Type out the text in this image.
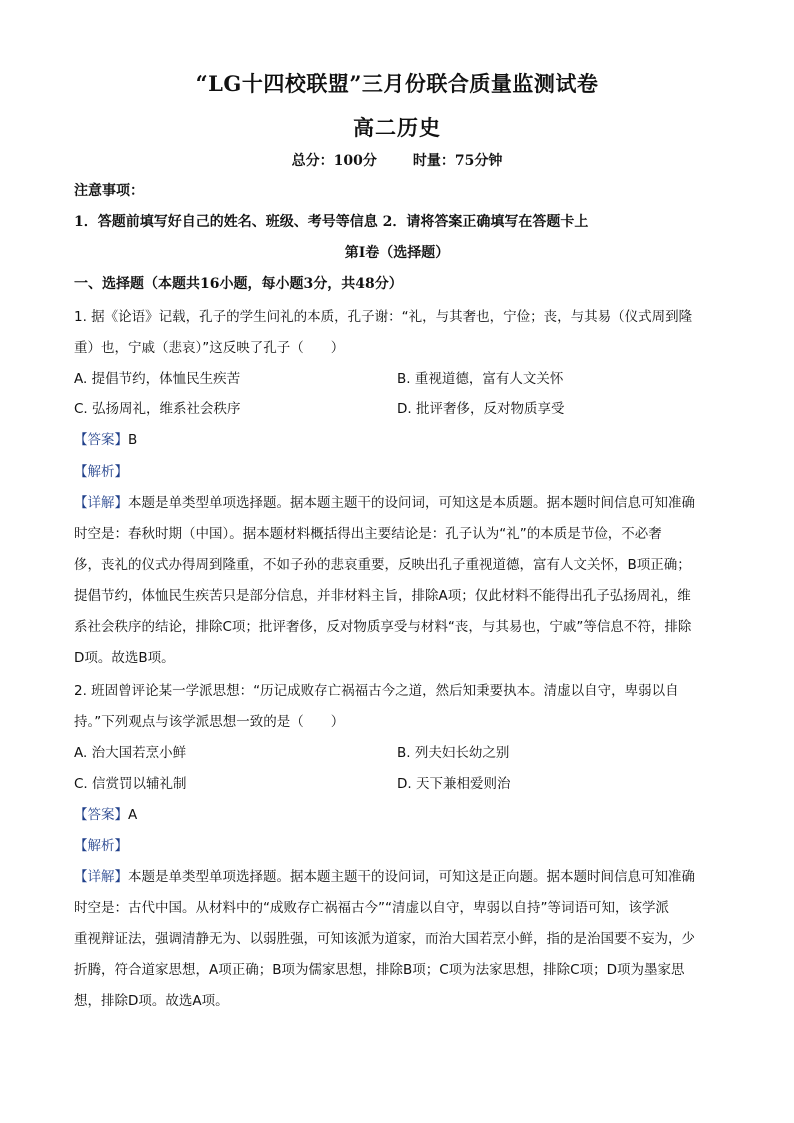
“LG十四校联盟”三月份联合质量监测试卷
高二历史
总分：100分	时量：75分钟
注意事项：
1．答题前填写好自己的姓名、班级、考号等信息 2．请将答案正确填写在答题卡上
第Ⅰ卷（选择题）
一、选择题（本题共16小题，每小题3分，共48分）
1. 据《论语》记载，孔子的学生问礼的本质，孔子谢：“礼，与其奢也，宁俭；丧，与其易（仪式周到隆
重）也，宁戚（悲哀）”这反映了孔子（　　）
A. 提倡节约，体恤民生疾苦	B. 重视道德，富有人文关怀
C. 弘扬周礼，维系社会秩序	D. 批评奢侈，反对物质享受
【答案】B
【解析】
【详解】本题是单类型单项选择题。据本题主题干的设问词，可知这是本质题。据本题时间信息可知准确
时空是：春秋时期（中国）。据本题材料概括得出主要结论是：孔子认为“礼”的本质是节俭，不必奢
侈，丧礼的仪式办得周到隆重，不如子孙的悲哀重要，反映出孔子重视道德，富有人文关怀，B项正确；
提倡节约，体恤民生疾苦只是部分信息，并非材料主旨，排除A项；仅此材料不能得出孔子弘扬周礼，维
系社会秩序的结论，排除C项；批评奢侈，反对物质享受与材料“丧，与其易也，宁戚”等信息不符，排除
D项。故选B项。
2. 班固曾评论某一学派思想：“历记成败存亡祸福古今之道，然后知秉要执本。清虚以自守，卑弱以自
持。”下列观点与该学派思想一致的是（　　）
A. 治大国若烹小鲜	B. 列夫妇长幼之别
C. 信赏罚以辅礼制	D. 天下兼相爱则治
【答案】A
【解析】
【详解】本题是单类型单项选择题。据本题主题干的设问词，可知这是正向题。据本题时间信息可知准确
时空是：古代中国。从材料中的“成败存亡祸福古今”“清虚以自守，卑弱以自持”等词语可知，该学派
重视辩证法，强调清静无为、以弱胜强，可知该派为道家，而治大国若烹小鲜，指的是治国要不妄为，少
折腾，符合道家思想，A项正确；B项为儒家思想，排除B项；C项为法家思想，排除C项；D项为墨家思
想，排除D项。故选A项。
